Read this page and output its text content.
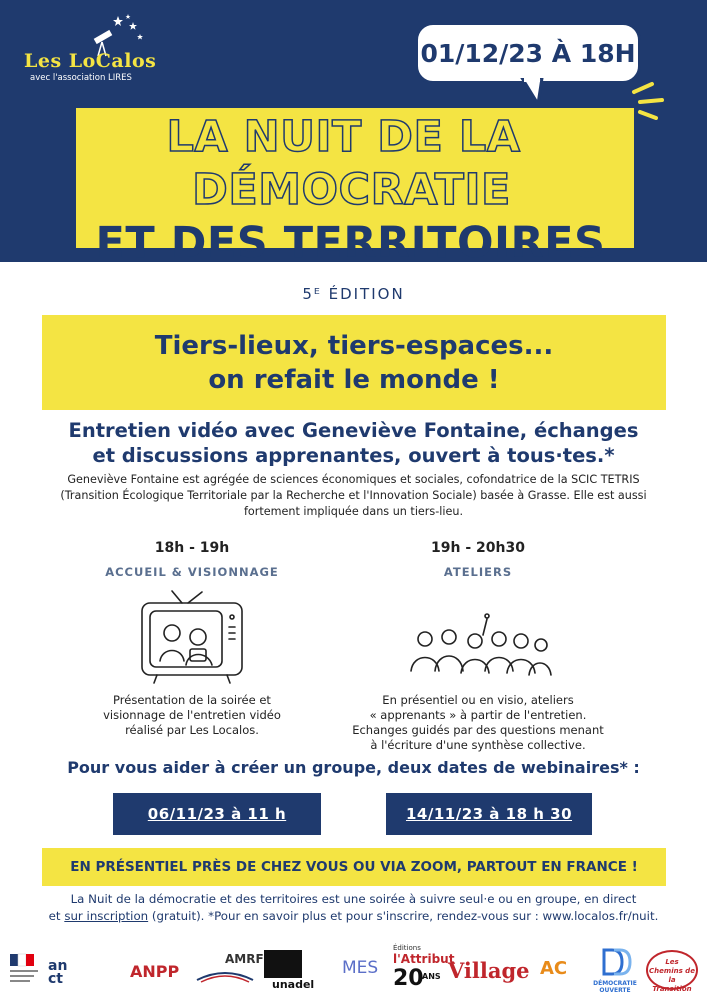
Les LoCalos
avec l'association LIRES
01/12/23 À 18H
LA NUIT DE LA
DÉMOCRATIE
ET DES TERRITOIRES
5ᴱ ÉDITION
Tiers-lieux, tiers-espaces...
on refait le monde !
Entretien vidéo avec Geneviève Fontaine, échanges
et discussions apprenantes, ouvert à tous·tes.*
Geneviève Fontaine est agrégée de sciences économiques et sociales, cofondatrice de la SCIC TETRIS
(Transition Écologique Territoriale par la Recherche et l'Innovation Sociale) basée à Grasse. Elle est aussi
fortement impliquée dans un tiers-lieu.
18h - 19h
ACCUEIL & VISIONNAGE
Présentation de la soirée et
visionnage de l'entretien vidéo
réalisé par Les Localos.
19h - 20h30
ATELIERS
En présentiel ou en visio, ateliers
« apprenants » à partir de l'entretien.
Echanges guidés par des questions menant
à l'écriture d'une synthèse collective.
Pour vous aider à créer un groupe, deux dates de webinaires* :
06/11/23 à 11 h	14/11/23 à 18 h 30
EN PRÉSENTIEL PRÈS DE CHEZ VOUS OU VIA ZOOM, PARTOUT EN FRANCE !
La Nuit de la démocratie et des territoires est une soirée à suivre seul·e ou en groupe, en direct
et sur inscription (gratuit). *Pour en savoir plus et pour s'inscrire, rendez-vous sur : www.localos.fr/nuit.
an ct	ANPP
AMRF
unadel
MES
Éditions
l'Attribut
20
ANS Village AC
DÉMOCRATIE OUVERTE
Les Chemins de la Transition
